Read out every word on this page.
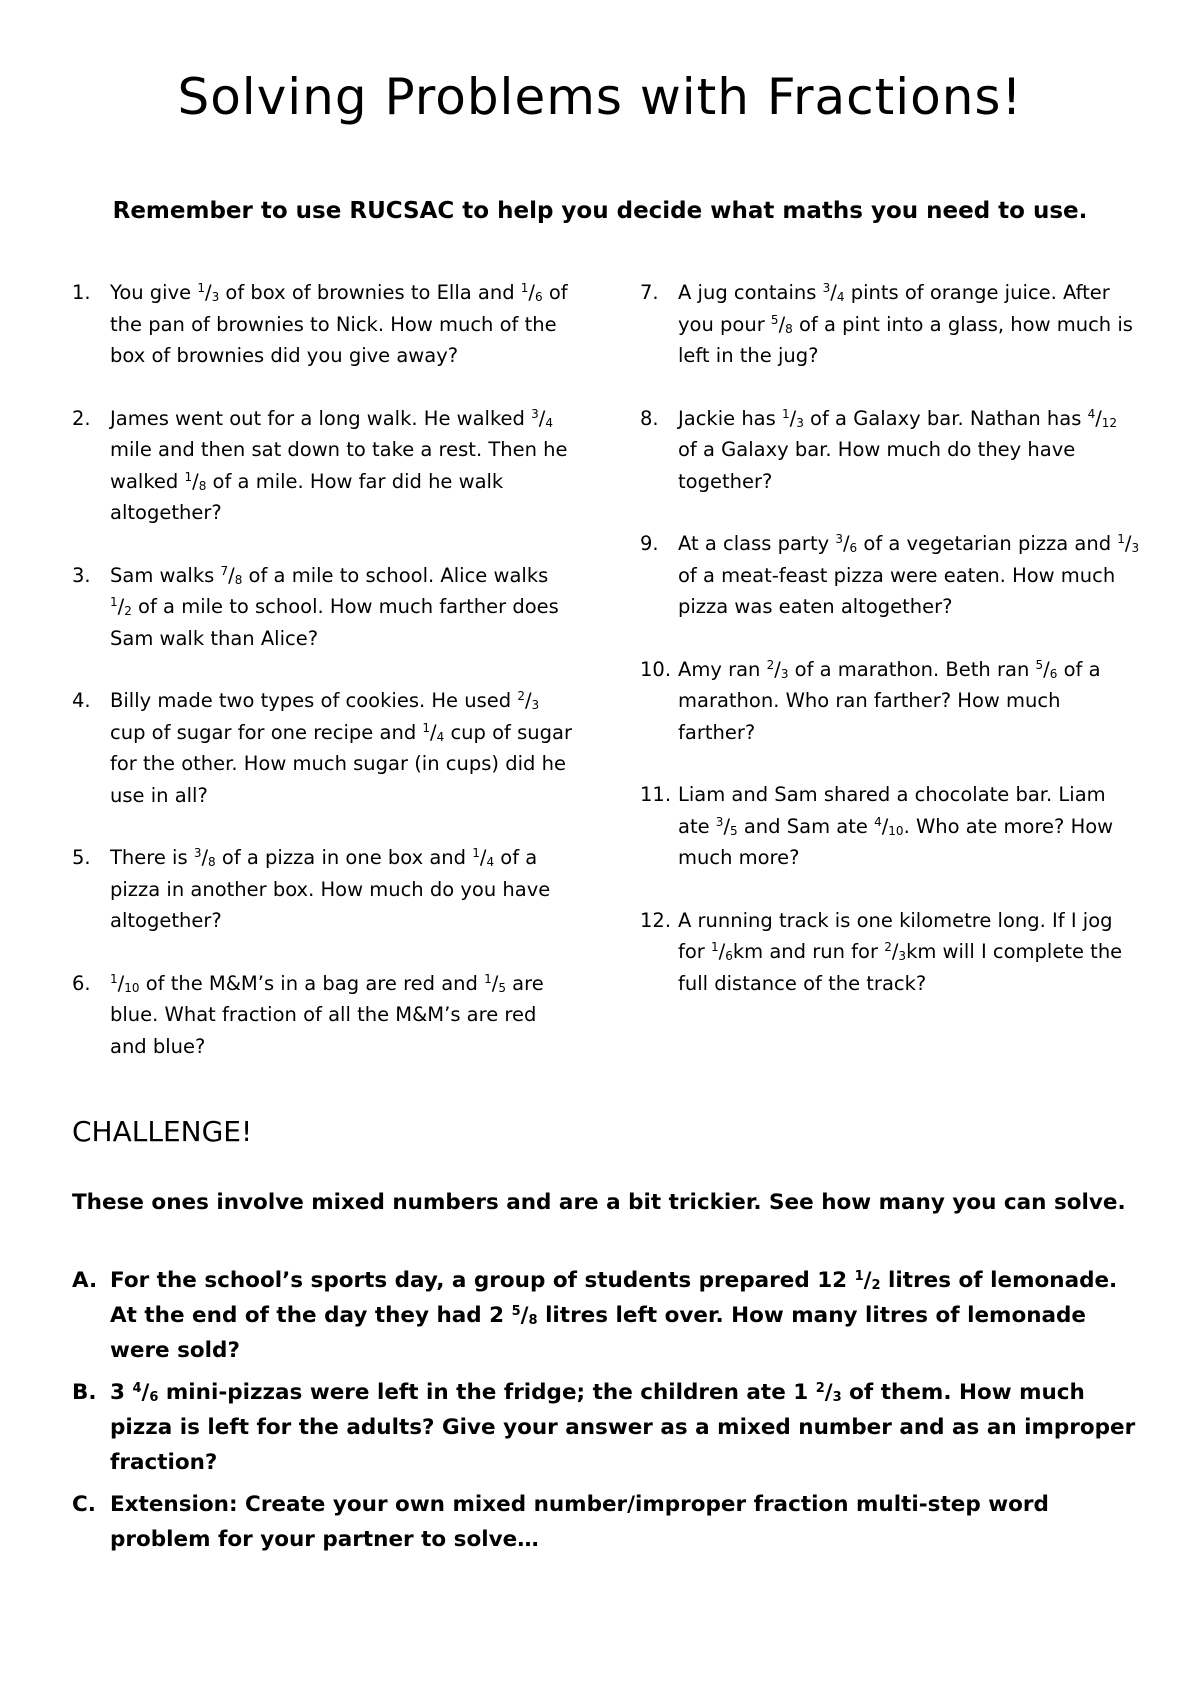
Solving Problems with Fractions!
Remember to use RUCSAC to help you decide what maths you need to use.
1. You give $^1/_3$ of box of brownies to Ella and $^1/_6$ of the pan of brownies to Nick. How much of the box of brownies did you give away?
2. James went out for a long walk. He walked $^3/_4$ mile and then sat down to take a rest. Then he walked $^1/_8$ of a mile. How far did he walk altogether?
3. Sam walks $^7/_8$ of a mile to school. Alice walks $^1/_2$ of a mile to school. How much farther does Sam walk than Alice?
4. Billy made two types of cookies. He used $^2/_3$ cup of sugar for one recipe and $^1/_4$ cup of sugar for the other. How much sugar (in cups) did he use in all?
5. There is $^3/_8$ of a pizza in one box and $^1/_4$ of a pizza in another box. How much do you have altogether?
6. $^1/_{10}$ of the M&M’s in a bag are red and $^1/_5$ are blue. What fraction of all the M&M’s are red and blue?
7. A jug contains $^3/_4$ pints of orange juice. After you pour $^5/_8$ of a pint into a glass, how much is left in the jug?
8. Jackie has $^1/_3$ of a Galaxy bar. Nathan has $^4/_{12}$ of a Galaxy bar. How much do they have together?
9. At a class party $^3/_6$ of a vegetarian pizza and $^1/_3$ of a meat-feast pizza were eaten. How much pizza was eaten altogether?
10. Amy ran $^2/_3$ of a marathon. Beth ran $^5/_6$ of a marathon. Who ran farther? How much farther?
11. Liam and Sam shared a chocolate bar. Liam ate $^3/_5$ and Sam ate $^4/_{10}$. Who ate more? How much more?
12. A running track is one kilometre long. If I jog for $^1/_6km$ and run for $^2/_3km$ will I complete the full distance of the track?
CHALLENGE!
These ones involve mixed numbers and are a bit trickier. See how many you can solve.
A. For the school’s sports day, a group of students prepared 12 $^1/_2$ litres of lemonade. At the end of the day they had 2 $^5/_8$ litres left over. How many litres of lemonade were sold?
B. 3 $^4/_6$ mini-pizzas were left in the fridge; the children ate 1 $^2/_3$ of them. How much pizza is left for the adults? Give your answer as a mixed number and as an improper fraction?
C. Extension: Create your own mixed number/improper fraction multi-step word problem for your partner to solve…
